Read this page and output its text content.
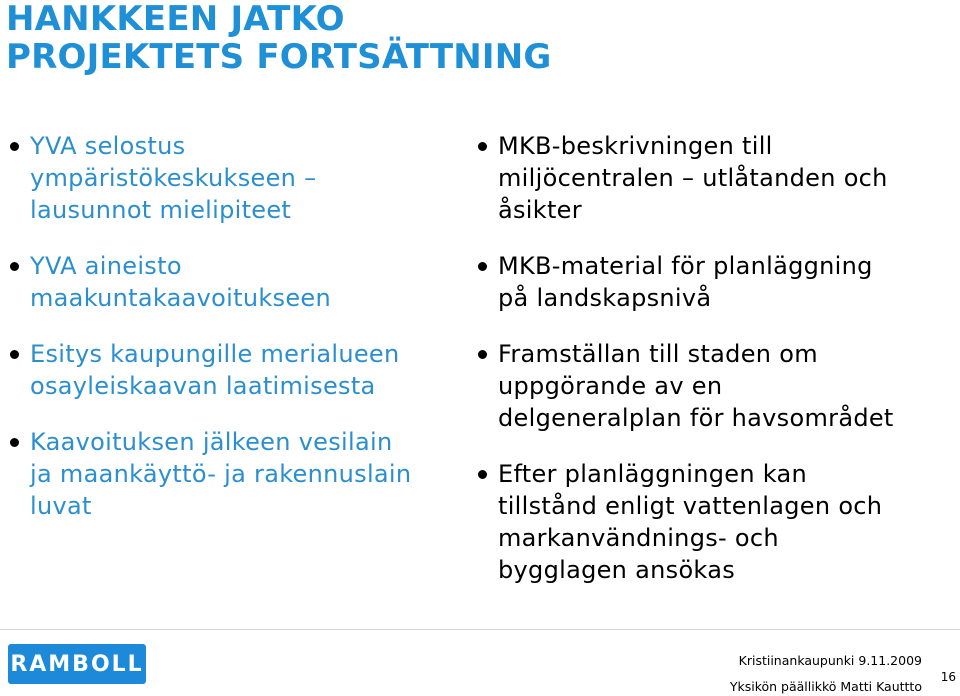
HANKKEEN JATKO
PROJEKTETS FORTSÄTTNING
YVA selostus
ympäristökeskukseen –
lausunnot mielipiteet
YVA aineisto
maakuntakaavoitukseen
Esitys kaupungille merialueen
osayleiskaavan laatimisesta
Kaavoituksen jälkeen vesilain
ja maankäyttö- ja rakennuslain
luvat
MKB-beskrivningen till
miljöcentralen – utlåtanden och
åsikter
MKB-material för planläggning
på landskapsnivå
Framställan till staden om
uppgörande av en
delgeneralplan för havsområdet
Efter planläggningen kan
tillstånd enligt vattenlagen och
markanvändnings- och
bygglagen ansökas
RAMBOLL	Kristiinankaupunki 9.11.2009
Yksikön päällikkö Matti Kauttto
16
